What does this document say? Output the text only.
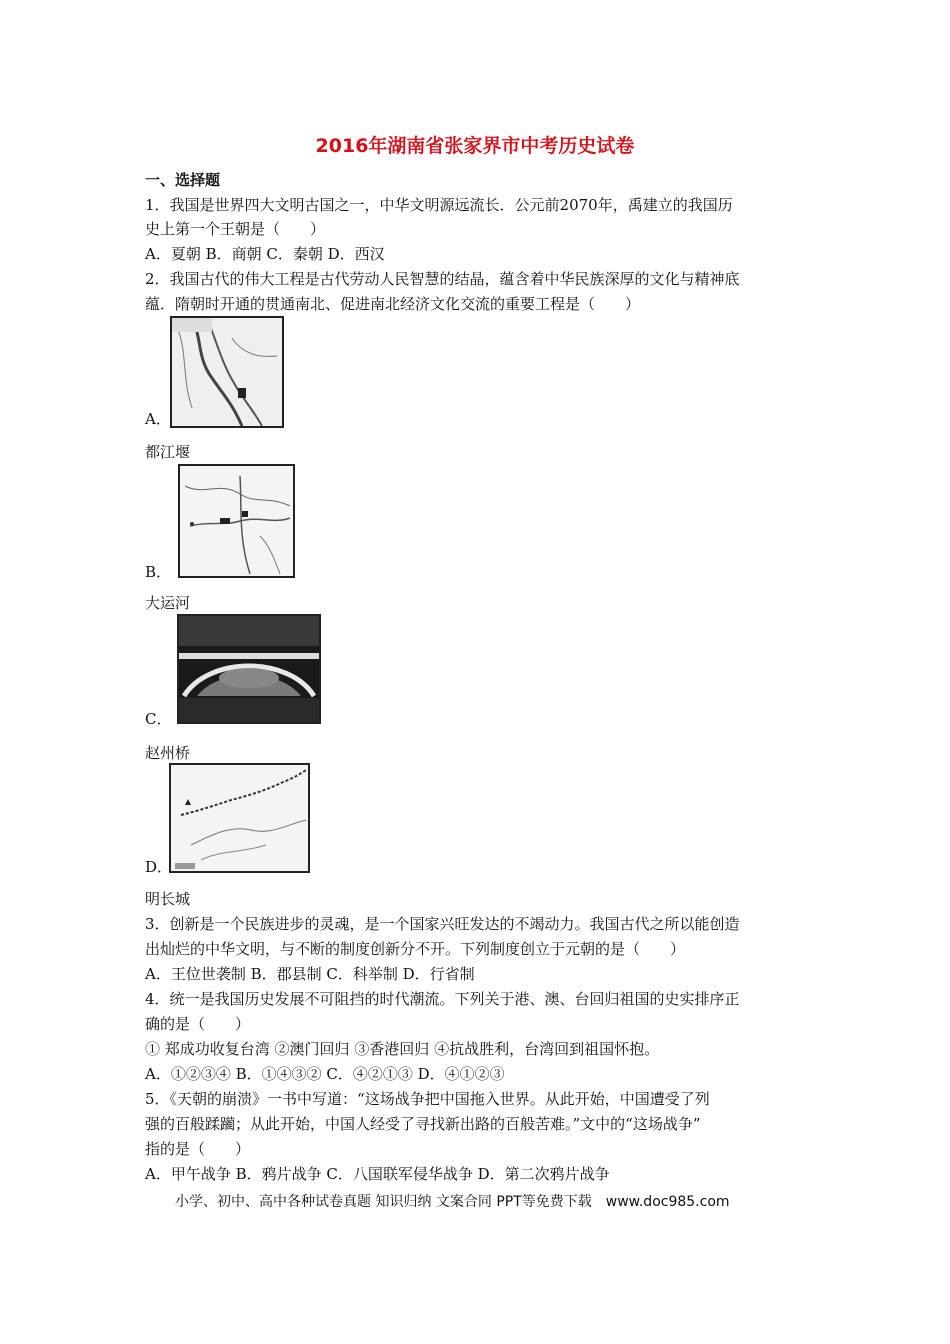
2016年湖南省张家界市中考历史试卷
一、选择题
1．我国是世界四大文明古国之一，中华文明源远流长．公元前2070年，禹建立的我国历
史上第一个王朝是（　　）
A．夏朝 B．商朝 C．秦朝 D．西汉
2．我国古代的伟大工程是古代劳动人民智慧的结晶，蕴含着中华民族深厚的文化与精神底
蕴．隋朝时开通的贯通南北、促进南北经济文化交流的重要工程是（　　）
A．
都江堰
B．
大运河
C．
赵州桥
D．
明长城
3．创新是一个民族进步的灵魂，是一个国家兴旺发达的不竭动力。我国古代之所以能创造
出灿烂的中华文明，与不断的制度创新分不开。下列制度创立于元朝的是（　　）
A．王位世袭制 B．郡县制 C．科举制 D．行省制
4．统一是我国历史发展不可阻挡的时代潮流。下列关于港、澳、台回归祖国的史实排序正
确的是（　　）
① 郑成功收复台湾 ②澳门回归 ③香港回归 ④抗战胜利，台湾回到祖国怀抱。
A．①②③④ B．①④③② C．④②①③ D．④①②③
5．《天朝的崩溃》一书中写道：“这场战争把中国拖入世界。从此开始，中国遭受了列
强的百般蹂躏；从此开始，中国人经受了寻找新出路的百般苦难。”文中的“这场战争”
指的是（　　）
A．甲午战争 B．鸦片战争 C．八国联军侵华战争 D．第二次鸦片战争
小学、初中、高中各种试卷真题 知识归纳 文案合同 PPT等免费下载　www.doc985.com
